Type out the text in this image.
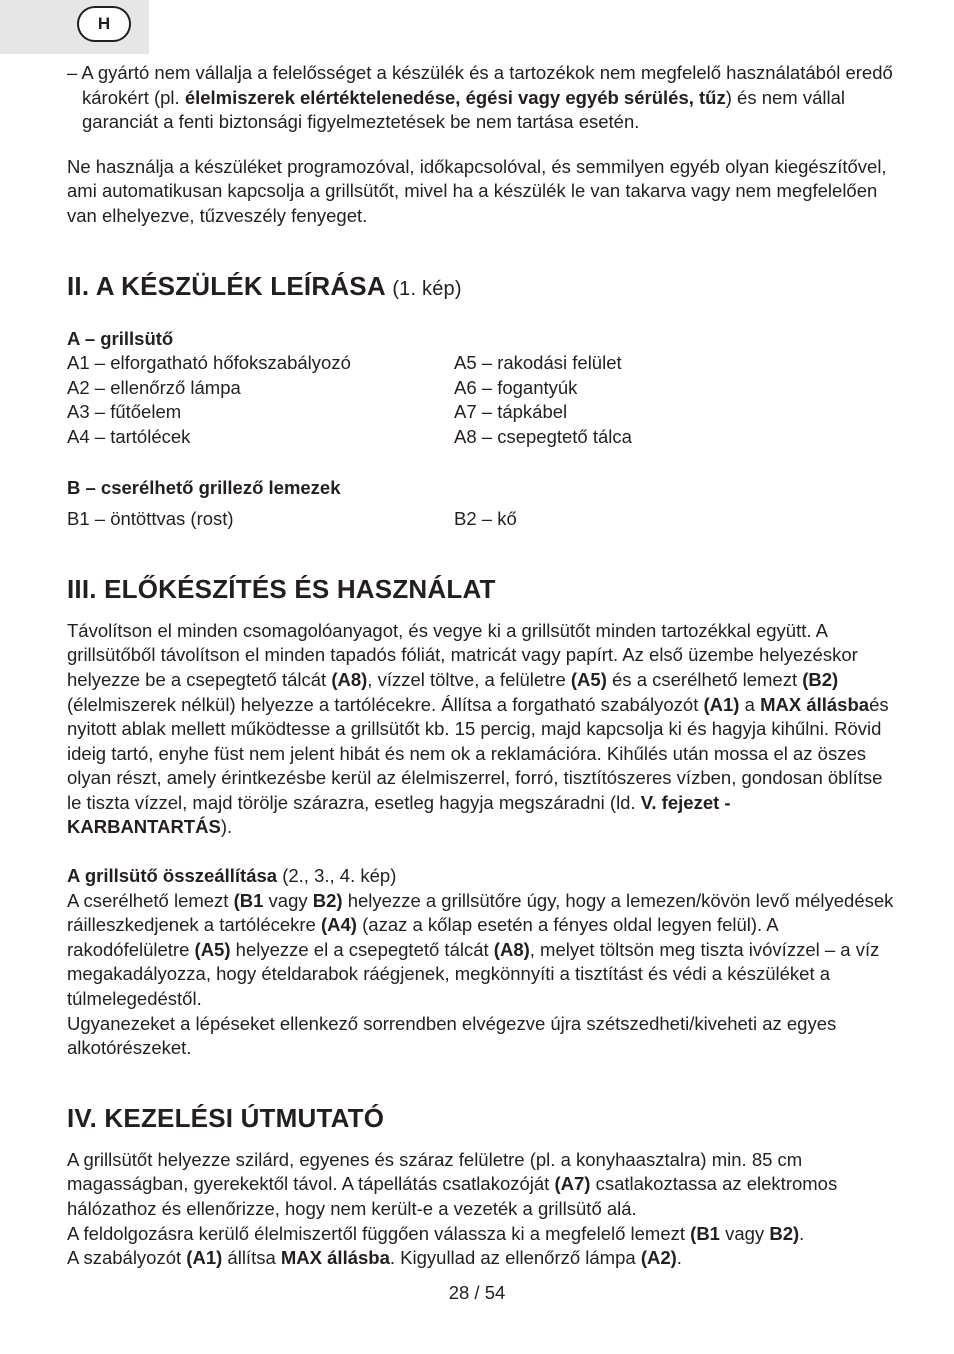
H

– A gyártó nem vállalja a felelősséget a készülék és a tartozékok nem megfelelő használatából eredő károkért (pl. élelmiszerek elértéktelenedése, égési vagy egyéb sérülés, tűz) és nem vállal garanciát a fenti biztonsági figyelmeztetések be nem tartása esetén.

Ne használja a készüléket programozóval, időkapcsolóval, és semmilyen egyéb olyan kiegészítővel, ami automatikusan kapcsolja a grillsütőt, mivel ha a készülék le van takarva vagy nem megfelelően van elhelyezve, tűzveszély fenyeget.

II. A KÉSZÜLÉK LEÍRÁSA (1. kép)
A – grillsütő
A1 – elforgatható hőfokszabályozó
A2 – ellenőrző lámpa
A3 – fűtőelem
A4 – tartólécek
A5 – rakodási felület
A6 – fogantyúk
A7 – tápkábel
A8 – csepegtető tálca
B – cserélhető grillező lemezek
B1 – öntöttvas (rost)	B2 – kő
III. ELŐKÉSZÍTÉS ÉS HASZNÁLAT

Távolítson el minden csomagolóanyagot, és vegye ki a grillsütőt minden tartozékkal együtt. A grillsütőből távolítson el minden tapadós fóliát, matricát vagy papírt. Az első üzembe helyezéskor helyezze be a csepegtető tálcát (A8), vízzel töltve, a felületre (A5) és a cserélhető lemezt (B2) (élelmiszerek nélkül) helyezze a tartólécekre. Állítsa a forgatható szabályozót (A1) a MAX állásbaés nyitott ablak mellett működtesse a grillsütőt kb. 15 percig, majd kapcsolja ki és hagyja kihűlni. Rövid ideig tartó, enyhe füst nem jelent hibát és nem ok a reklamációra. Kihűlés után mossa el az öszes olyan részt, amely érintkezésbe kerül az élelmiszerrel, forró, tisztítószeres vízben, gondosan öblítse le tiszta vízzel, majd törölje szárazra, esetleg hagyja megszáradni (ld. V. fejezet - KARBANTARTÁS).

A grillsütő összeállítása (2., 3., 4. kép)

A cserélhető lemezt (B1 vagy B2) helyezze a grillsütőre úgy, hogy a lemezen/kövön levő mélyedések ráilleszkedjenek a tartólécekre (A4) (azaz a kőlap esetén a fényes oldal legyen felül). A rakodófelületre (A5) helyezze el a csepegtető tálcát (A8), melyet töltsön meg tiszta ivóvízzel – a víz megakadályozza, hogy ételdarabok ráégjenek, megkönnyíti a tisztítást és védi a készüléket a túlmelegedéstől.

Ugyanezeket a lépéseket ellenkező sorrendben elvégezve újra szétszedheti/kiveheti az egyes alkotórészeket.

IV. KEZELÉSI ÚTMUTATÓ

A grillsütőt helyezze szilárd, egyenes és száraz felületre (pl. a konyhaasztalra) min. 85 cm magasságban, gyerekektől távol. A tápellátás csatlakozóját (A7) csatlakoztassa az elektromos hálózathoz és ellenőrizze, hogy nem került-e a vezeték a grillsütő alá.

A feldolgozásra kerülő élelmiszertől függően válassza ki a megfelelő lemezt (B1 vagy B2).

A szabályozót (A1) állítsa MAX állásba. Kigyullad az ellenőrző lámpa (A2).

28 / 54
